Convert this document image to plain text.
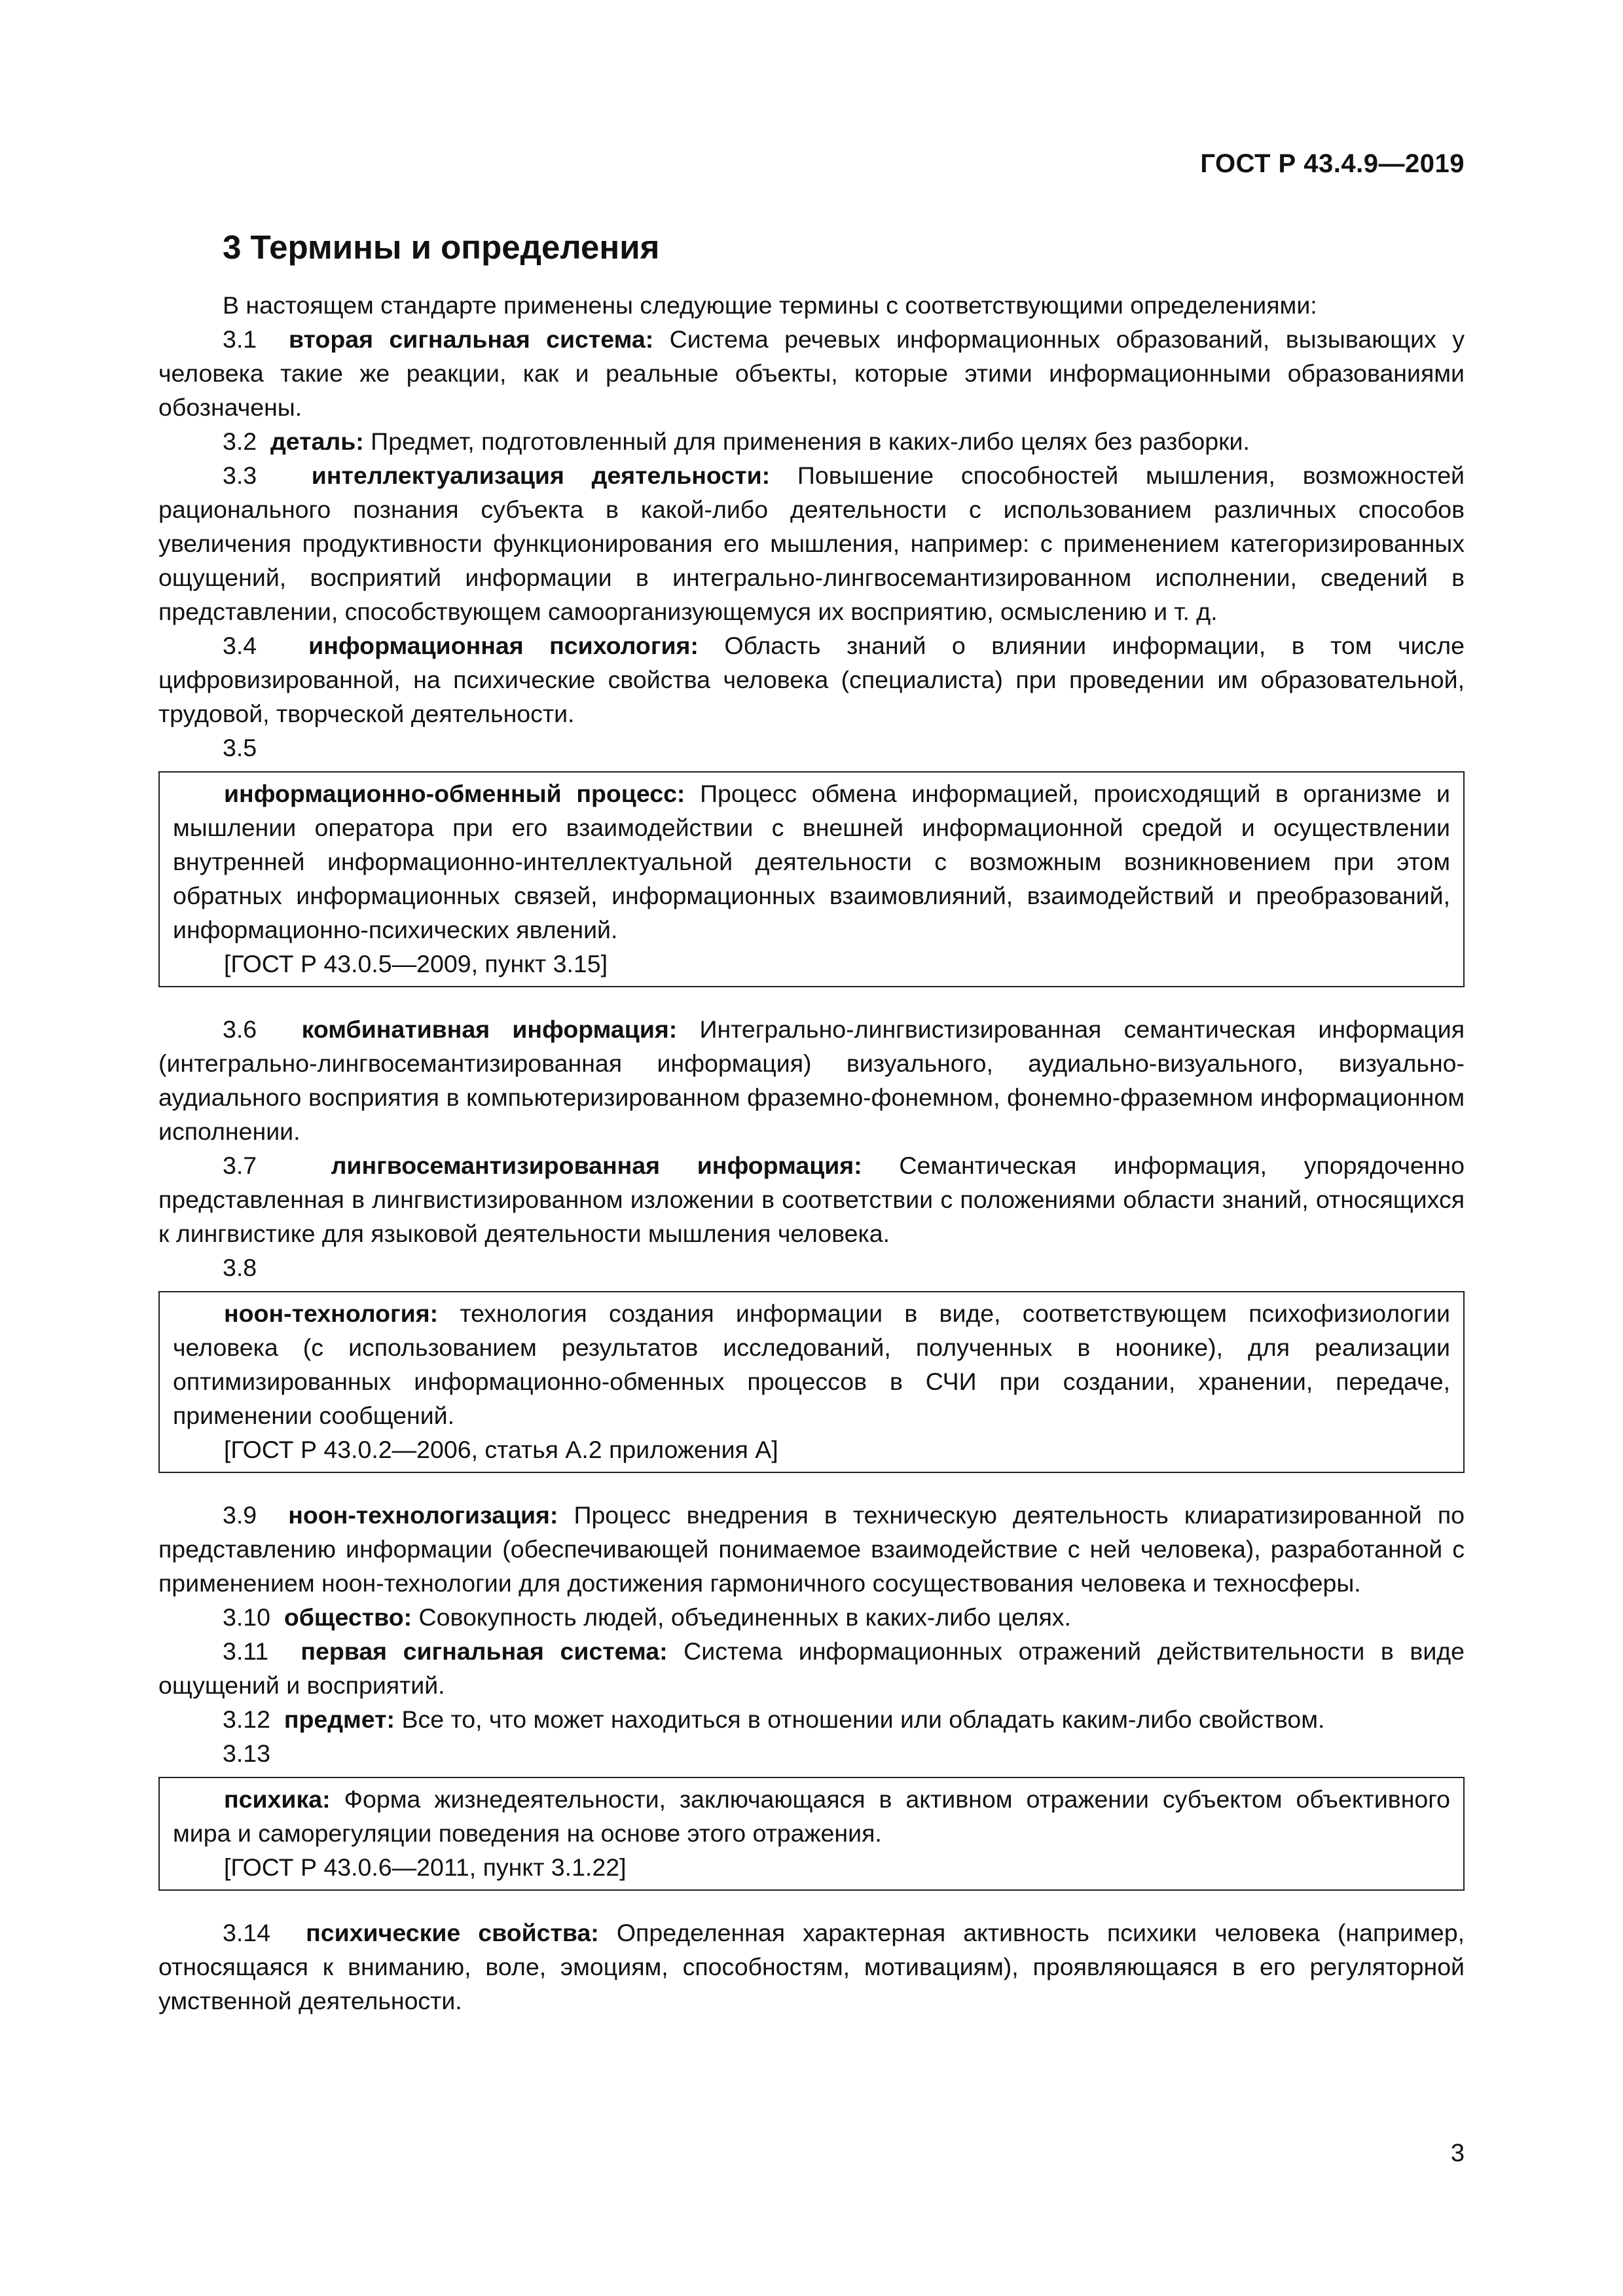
ГОСТ Р 43.4.9—2019
3 Термины и определения

В настоящем стандарте применены следующие термины с соответствующими определениями:

3.1 вторая сигнальная система: Система речевых информационных образований, вызывающих у человека такие же реакции, как и реальные объекты, которые этими информационными образованиями обозначены.

3.2 деталь: Предмет, подготовленный для применения в каких-либо целях без разборки.

3.3 интеллектуализация деятельности: Повышение способностей мышления, возможностей рационального познания субъекта в какой-либо деятельности с использованием различных способов увеличения продуктивности функционирования его мышления, например: с применением категоризированных ощущений, восприятий информации в интегрально-лингвосемантизированном исполнении, сведений в представлении, способствующем самоорганизующемуся их восприятию, осмыслению и т. д.

3.4 информационная психология: Область знаний о влиянии информации, в том числе цифровизированной, на психические свойства человека (специалиста) при проведении им образовательной, трудовой, творческой деятельности.

3.5

информационно-обменный процесс: Процесс обмена информацией, происходящий в организме и мышлении оператора при его взаимодействии с внешней информационной средой и осуществлении внутренней информационно-интеллектуальной деятельности с возможным возникновением при этом обратных информационных связей, информационных взаимовлияний, взаимодействий и преобразований, информационно-психических явлений.

[ГОСТ Р 43.0.5—2009, пункт 3.15]

3.6 комбинативная информация: Интегрально-лингвистизированная семантическая информация (интегрально-лингвосемантизированная информация) визуального, аудиально-визуального, визуально-аудиального восприятия в компьютеризированном фраземно-фонемном, фонемно-фраземном информационном исполнении.

3.7	лингвосемантизированная информация: Семантическая информация, упорядоченно представленная в лингвистизированном изложении в соответствии с положениями области знаний, относящихся к лингвистике для языковой деятельности мышления человека.

3.8

ноон-технология: технология создания информации в виде, соответствующем психофизиологии человека (с использованием результатов исследований, полученных в ноонике), для реализации оптимизированных информационно-обменных процессов в СЧИ при создании, хранении, передаче, применении сообщений.

[ГОСТ Р 43.0.2—2006, статья А.2 приложения А]

3.9 ноон-технологизация: Процесс внедрения в техническую деятельность клиаратизированной по представлению информации (обеспечивающей понимаемое взаимодействие с ней человека), разработанной с применением ноон-технологии для достижения гармоничного сосуществования человека и техносферы.

3.10 общество: Совокупность людей, объединенных в каких-либо целях.

3.11 первая сигнальная система: Система информационных отражений действительности в виде ощущений и восприятий.

3.12 предмет: Все то, что может находиться в отношении или обладать каким-либо свойством.

3.13

психика: Форма жизнедеятельности, заключающаяся в активном отражении субъектом объективного мира и саморегуляции поведения на основе этого отражения.

[ГОСТ Р 43.0.6—2011, пункт 3.1.22]

3.14 психические свойства: Определенная характерная активность психики человека (например, относящаяся к вниманию, воле, эмоциям, способностям, мотивациям), проявляющаяся в его регуляторной умственной деятельности.

3
